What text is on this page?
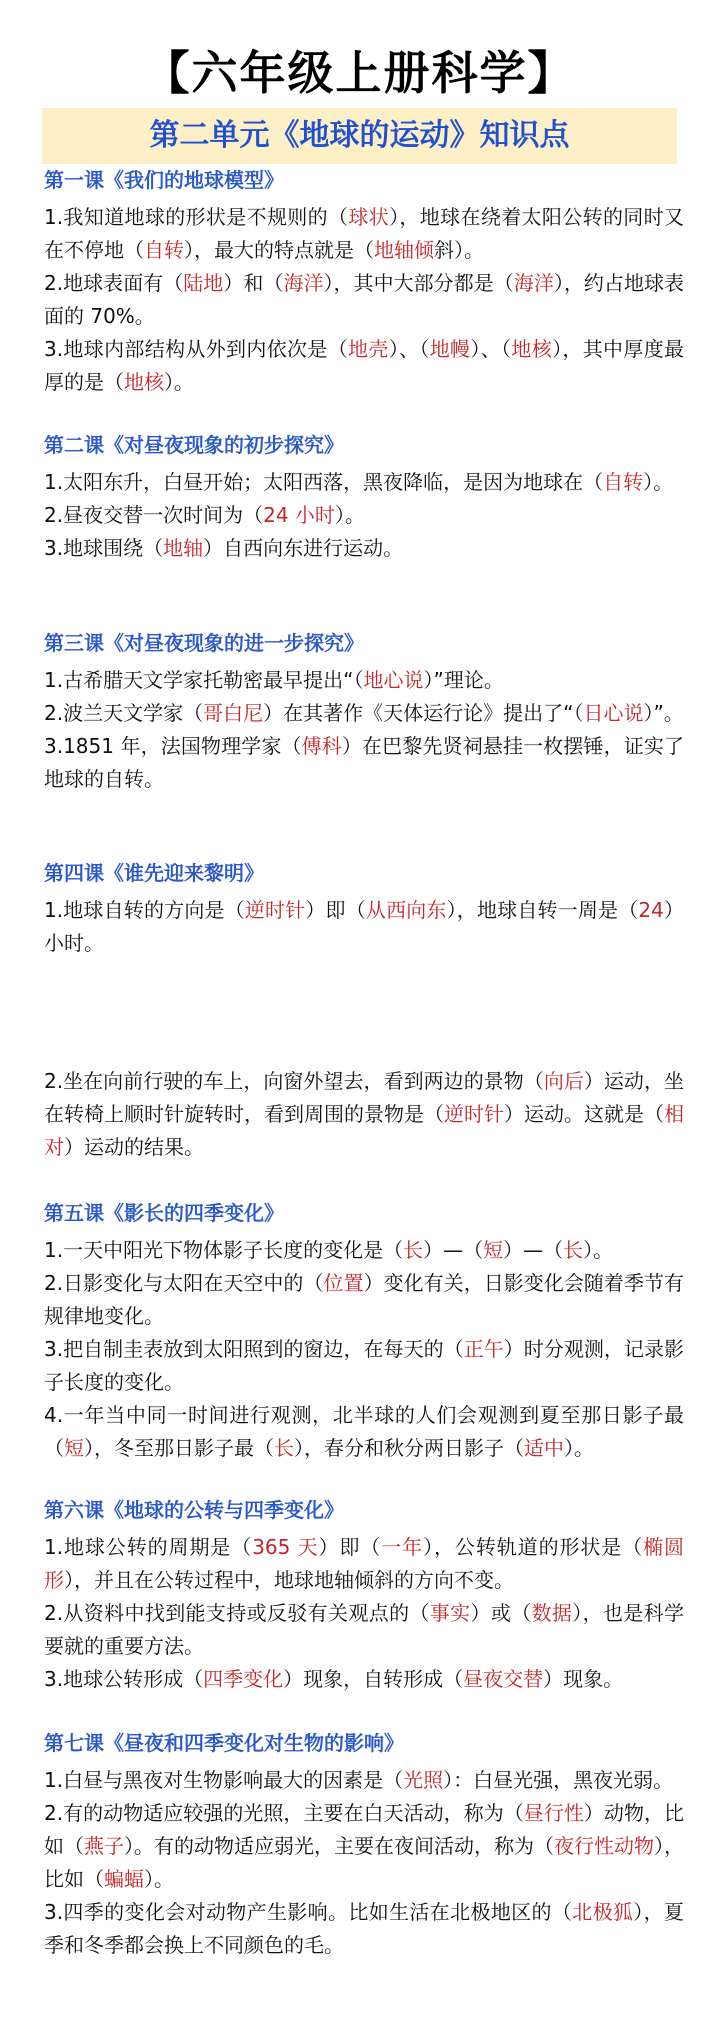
【六年级上册科学】
第二单元《地球的运动》知识点
第一课《我们的地球模型》

1.我知道地球的形状是不规则的（球状），地球在绕着太阳公转的同时又在不停地（自转），最大的特点就是（地轴倾斜）。

2.地球表面有（陆地）和（海洋），其中大部分都是（海洋），约占地球表面的 70%。

3.地球内部结构从外到内依次是（地壳）、（地幔）、（地核），其中厚度最厚的是（地核）。

第二课《对昼夜现象的初步探究》

1.太阳东升，白昼开始；太阳西落，黑夜降临，是因为地球在（自转）。

2.昼夜交替一次时间为（24 小时）。

3.地球围绕（地轴）自西向东进行运动。

第三课《对昼夜现象的进一步探究》

1.古希腊天文学家托勒密最早提出“（地心说）”理论。

2.波兰天文学家（哥白尼）在其著作《天体运行论》提出了“（日心说）”。

3.1851 年，法国物理学家（傅科）在巴黎先贤祠悬挂一枚摆锤，证实了地球的自转。

第四课《谁先迎来黎明》

1.地球自转的方向是（逆时针）即（从西向东），地球自转一周是（24）小时。

2.坐在向前行驶的车上，向窗外望去，看到两边的景物（向后）运动，坐在转椅上顺时针旋转时，看到周围的景物是（逆时针）运动。这就是（相对）运动的结果。

第五课《影长的四季变化》

1.一天中阳光下物体影子长度的变化是（长）—（短）—（长）。

2.日影变化与太阳在天空中的（位置）变化有关，日影变化会随着季节有规律地变化。

3.把自制圭表放到太阳照到的窗边，在每天的（正午）时分观测，记录影子长度的变化。

4.一年当中同一时间进行观测，北半球的人们会观测到夏至那日影子最（短），冬至那日影子最（长），春分和秋分两日影子（适中）。

第六课《地球的公转与四季变化》

1.地球公转的周期是（365 天）即（一年），公转轨道的形状是（椭圆形），并且在公转过程中，地球地轴倾斜的方向不变。

2.从资料中找到能支持或反驳有关观点的（事实）或（数据），也是科学要就的重要方法。

3.地球公转形成（四季变化）现象，自转形成（昼夜交替）现象。

第七课《昼夜和四季变化对生物的影响》

1.白昼与黑夜对生物影响最大的因素是（光照）：白昼光强，黑夜光弱。

2.有的动物适应较强的光照，主要在白天活动，称为（昼行性）动物，比如（燕子）。有的动物适应弱光，主要在夜间活动，称为（夜行性动物），比如（蝙蝠）。

3.四季的变化会对动物产生影响。比如生活在北极地区的（北极狐），夏季和冬季都会换上不同颜色的毛。
